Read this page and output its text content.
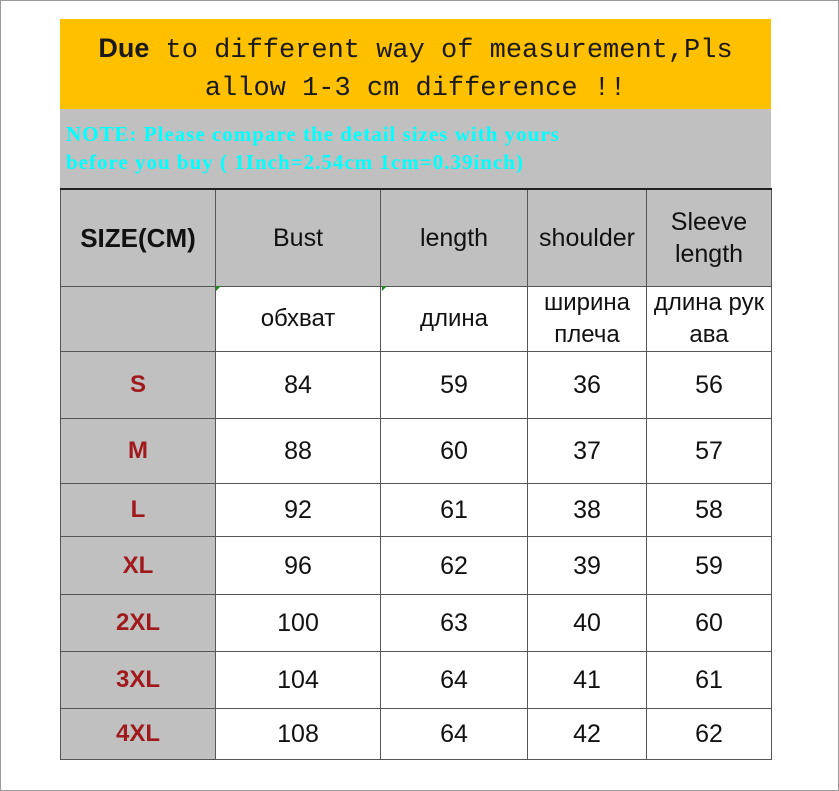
Due to different way of measurement,Pls
allow 1-3 cm difference !!
NOTE: Please compare the detail sizes with yours
before you buy ( 1Inch=2.54cm 1cm=0.39inch)
SIZE(CM)	Bust	length	shoulder	Sleeve length
	обхват	длина	ширина плеча	длина рукава
S	84	59	36	56
M	88	60	37	57
L	92	61	38	58
XL	96	62	39	59
2XL	100	63	40	60
3XL	104	64	41	61
4XL	108	64	42	62
